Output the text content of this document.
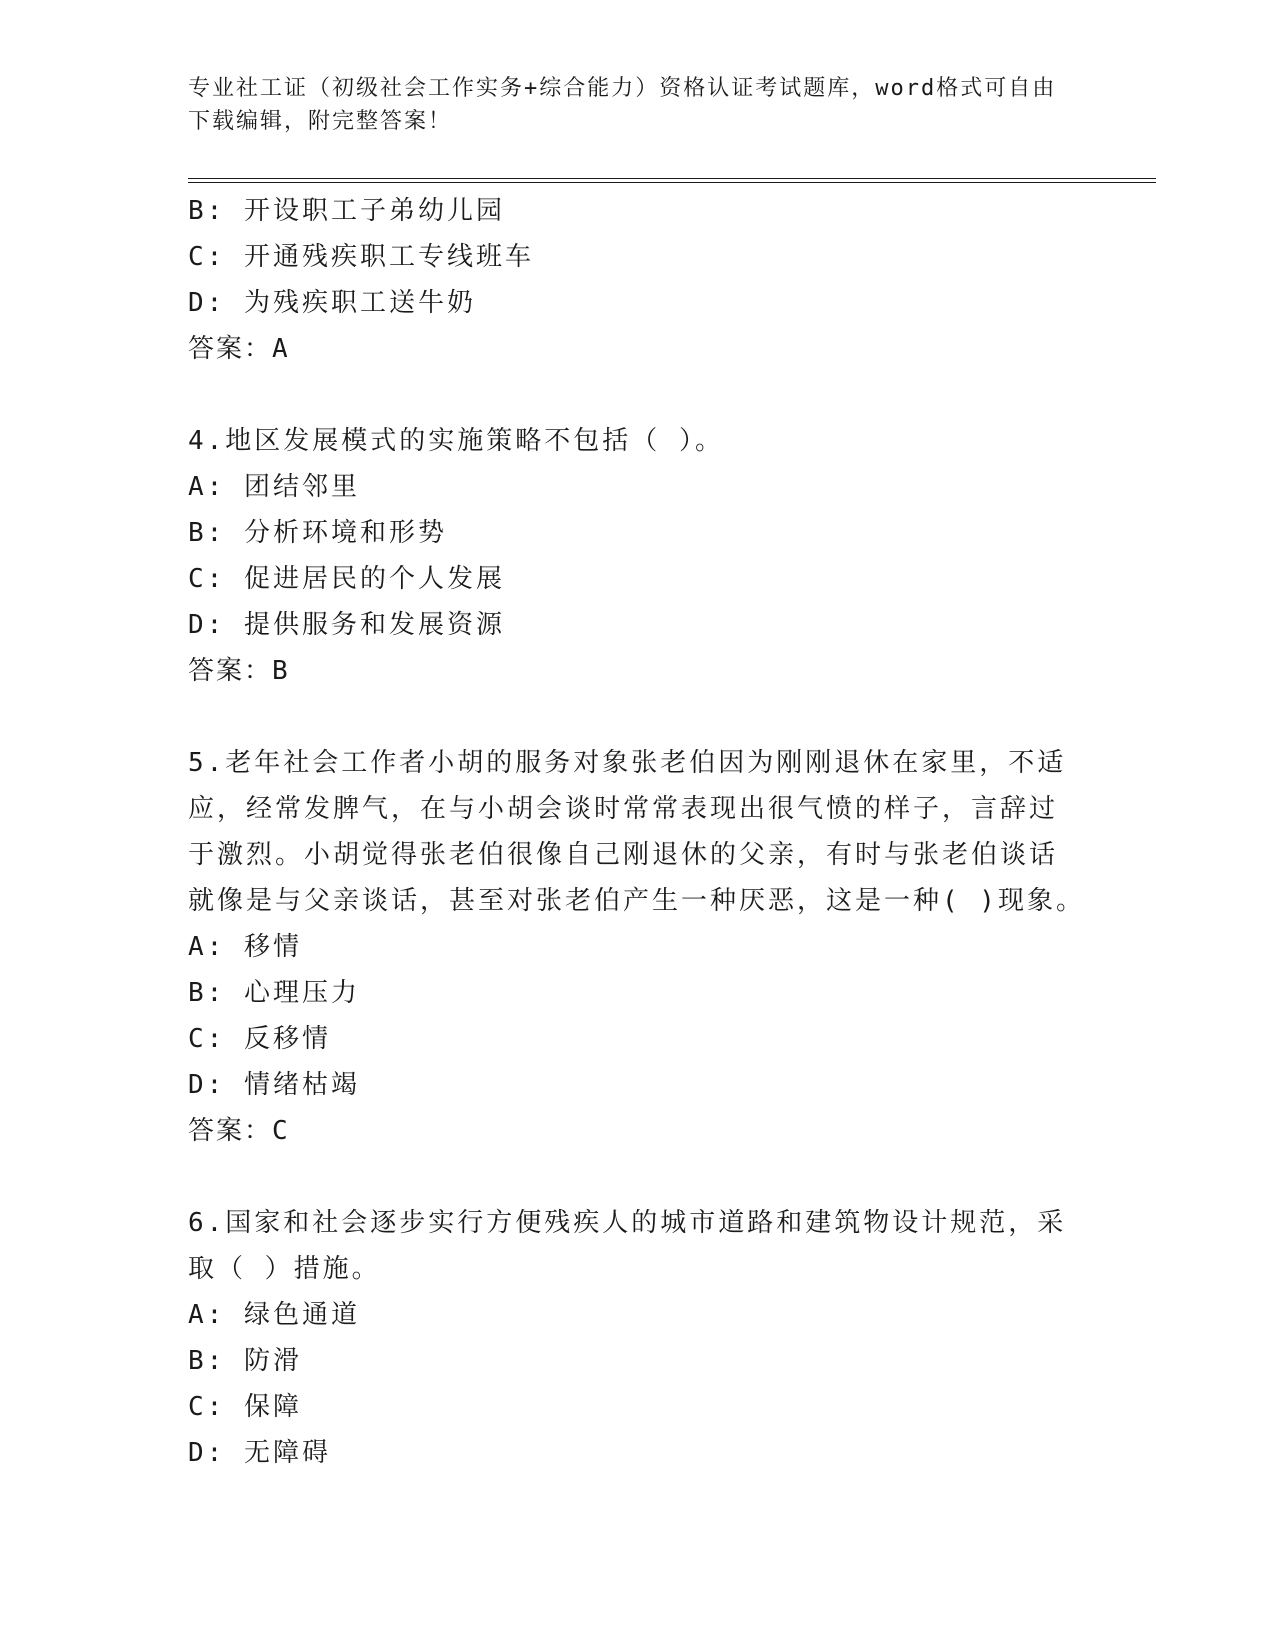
专业社工证（初级社会工作实务+综合能力）资格认证考试题库，word格式可自由
下载编辑，附完整答案！
B: 开设职工子弟幼儿园
C: 开通残疾职工专线班车
D: 为残疾职工送牛奶
答案：A
4.地区发展模式的实施策略不包括（ ）。
A: 团结邻里
B: 分析环境和形势
C: 促进居民的个人发展
D: 提供服务和发展资源
答案：B
5.老年社会工作者小胡的服务对象张老伯因为刚刚退休在家里，不适
应，经常发脾气，在与小胡会谈时常常表现出很气愤的样子，言辞过
于激烈。小胡觉得张老伯很像自己刚退休的父亲，有时与张老伯谈话
就像是与父亲谈话，甚至对张老伯产生一种厌恶，这是一种( )现象。
A: 移情
B: 心理压力
C: 反移情
D: 情绪枯竭
答案：C
6.国家和社会逐步实行方便残疾人的城市道路和建筑物设计规范，采
取（ ）措施。
A: 绿色通道
B: 防滑
C: 保障
D: 无障碍
